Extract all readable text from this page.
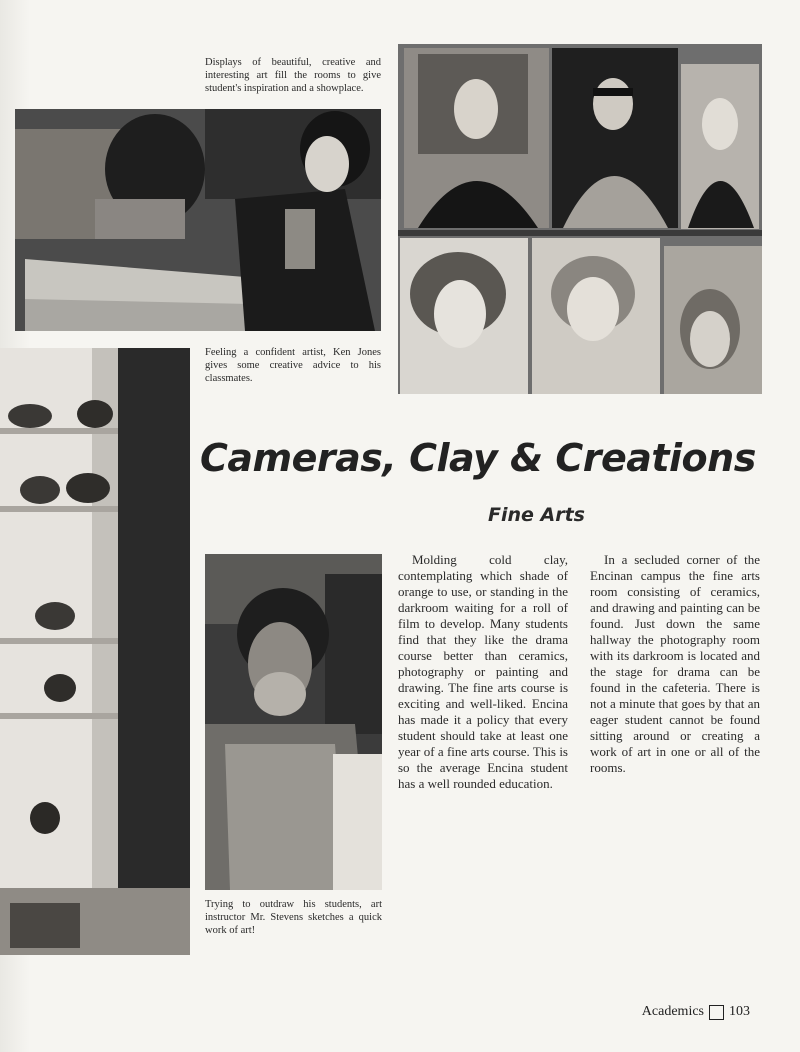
Displays of beautiful, creative and interesting art fill the rooms to give student's inspiration and a showplace.
Feeling a confident artist, Ken Jones gives some creative advice to his classmates.
Cameras, Clay & Creations
Fine Arts
Trying to outdraw his students, art instructor Mr. Stevens sketches a quick work of art!
Molding cold clay, contemplating which shade of orange to use, or standing in the darkroom waiting for a roll of film to develop. Many students find that they like the drama course better than ceramics, photography or painting and drawing. The fine arts course is exciting and well-liked. Encina has made it a policy that every student should take at least one year of a fine arts course. This is so the average Encina student has a well rounded education.
In a secluded corner of the Encinan campus the fine arts room consisting of ceramics, and drawing and painting can be found. Just down the same hallway the photography room with its darkroom is located and the stage for drama can be found in the cafeteria. There is not a minute that goes by that an eager student cannot be found sitting around or creating a work of art in one or all of the rooms.
Academics 103
